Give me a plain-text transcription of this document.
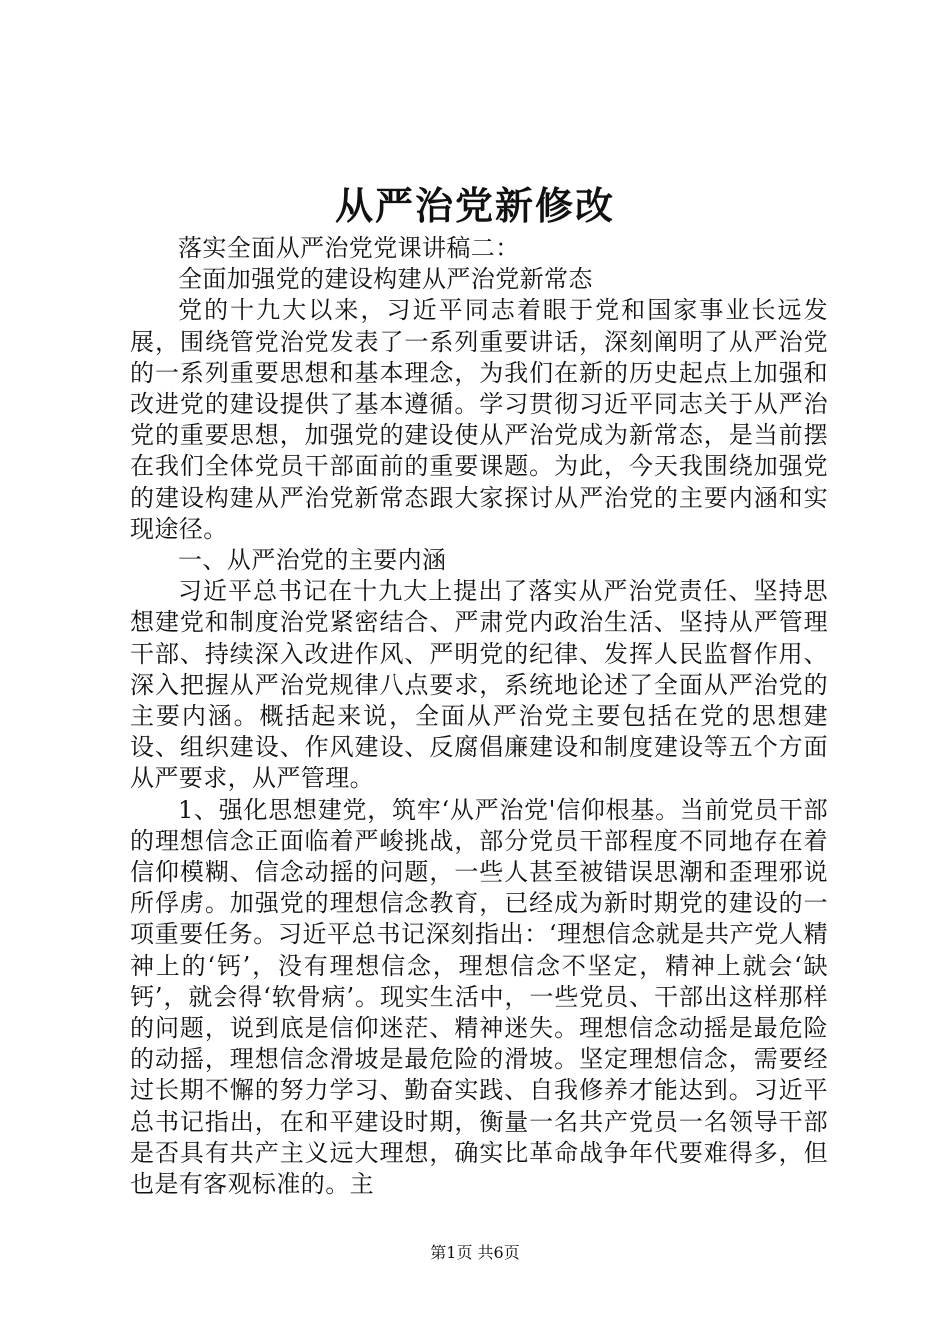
从严治党新修改

落实全面从严治党党课讲稿二：

全面加强党的建设构建从严治党新常态

党的十九大以来，习近平同志着眼于党和国家事业长远发展，围绕管党治党发表了一系列重要讲话，深刻阐明了从严治党的一系列重要思想和基本理念，为我们在新的历史起点上加强和改进党的建设提供了基本遵循。学习贯彻习近平同志关于从严治党的重要思想，加强党的建设使从严治党成为新常态，是当前摆在我们全体党员干部面前的重要课题。为此，今天我围绕加强党的建设构建从严治党新常态跟大家探讨从严治党的主要内涵和实现途径。

一、从严治党的主要内涵

习近平总书记在十九大上提出了落实从严治党责任、坚持思想建党和制度治党紧密结合、严肃党内政治生活、坚持从严管理干部、持续深入改进作风、严明党的纪律、发挥人民监督作用、深入把握从严治党规律八点要求，系统地论述了全面从严治党的主要内涵。概括起来说，全面从严治党主要包括在党的思想建设、组织建设、作风建设、反腐倡廉建设和制度建设等五个方面从严要求，从严管理。

1、强化思想建党，筑牢‘从严治党'信仰根基。当前党员干部的理想信念正面临着严峻挑战，部分党员干部程度不同地存在着信仰模糊、信念动摇的问题，一些人甚至被错误思潮和歪理邪说所俘虏。加强党的理想信念教育，已经成为新时期党的建设的一项重要任务。习近平总书记深刻指出：‘理想信念就是共产党人精神上的‘钙’，没有理想信念，理想信念不坚定，精神上就会‘缺钙’，就会得‘软骨病’。现实生活中，一些党员、干部出这样那样的问题，说到底是信仰迷茫、精神迷失。理想信念动摇是最危险的动摇，理想信念滑坡是最危险的滑坡。坚定理想信念，需要经过长期不懈的努力学习、勤奋实践、自我修养才能达到。习近平总书记指出，在和平建设时期，衡量一名共产党员一名领导干部是否具有共产主义远大理想，确实比革命战争年代要难得多，但也是有客观标准的。主

第1页 共6页
